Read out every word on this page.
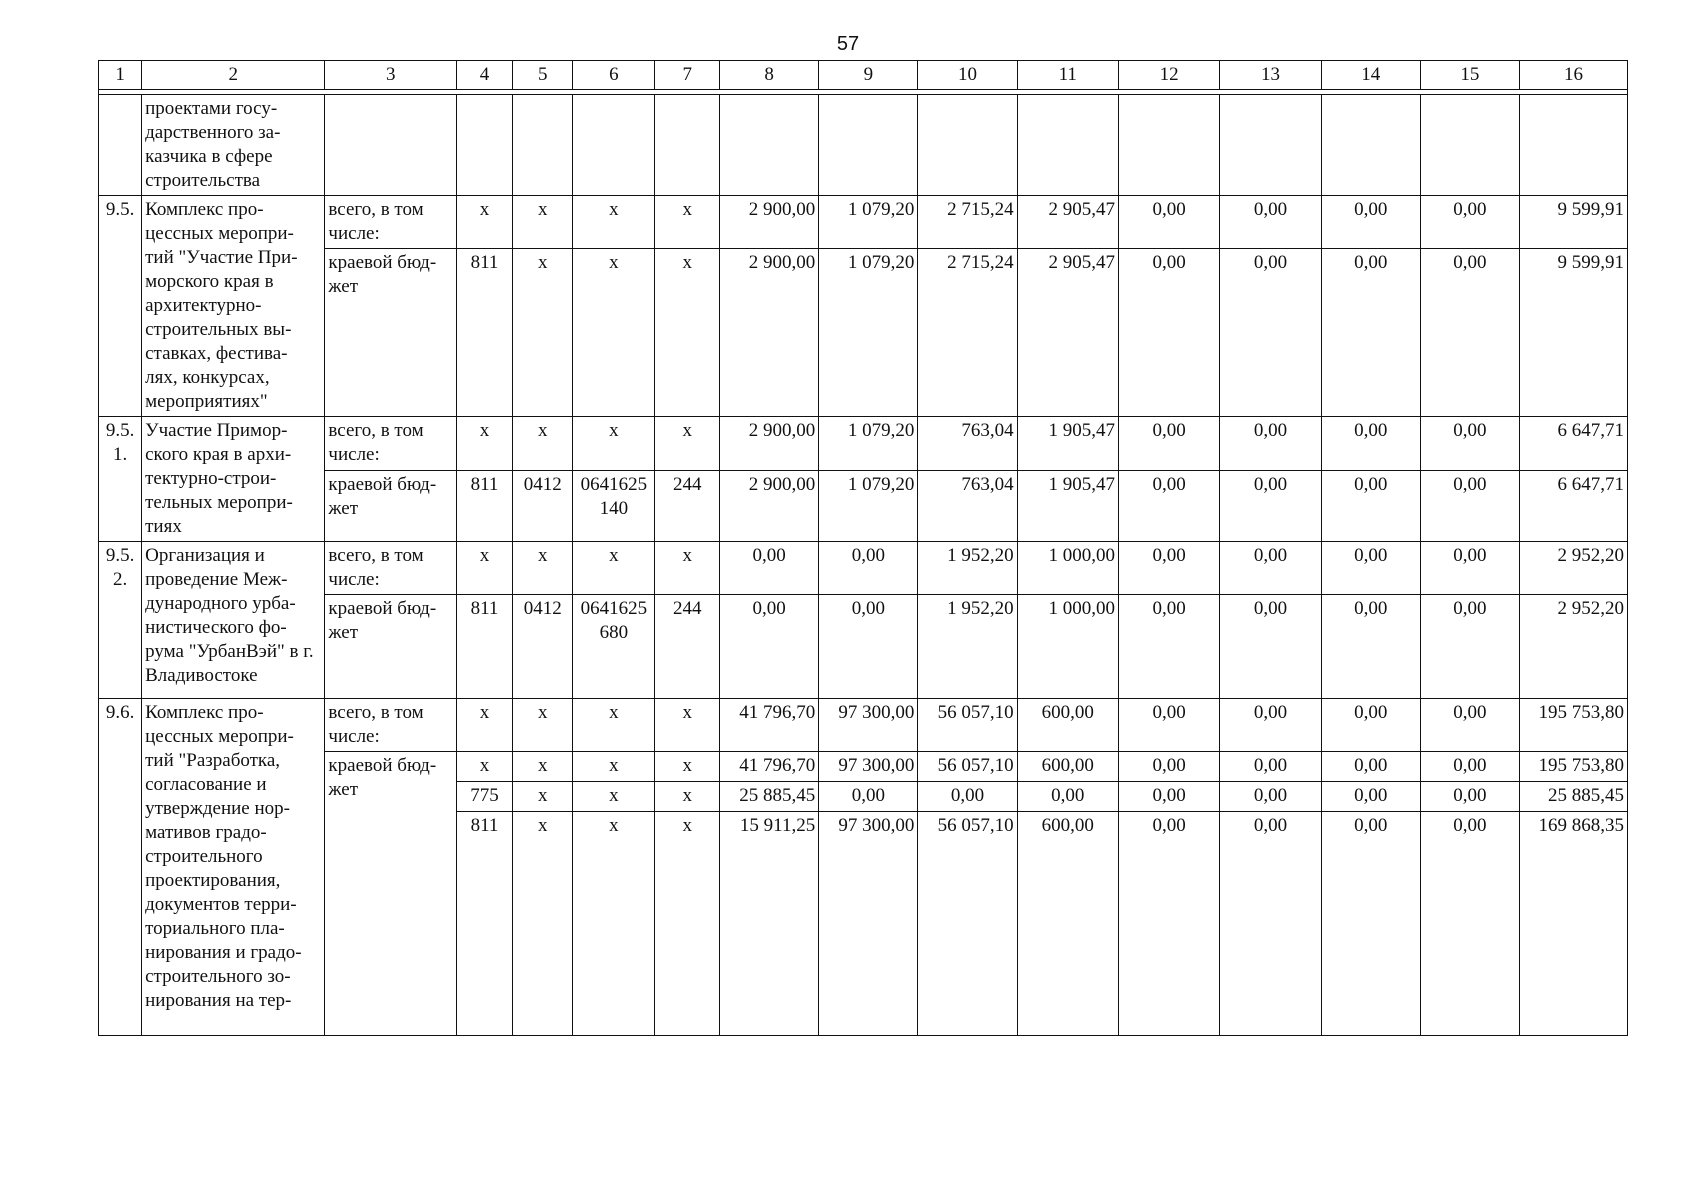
57
1	2	3	4	5	6	7	8	9	10	11	12	13	14	15	16

	проектами госу- дарственного за- казчика в сфере строительства														
9.5.	Комплекс про- цессных меропри- тий "Участие При- морского края в архитектурно- строительных вы- ставках, фестива- лях, конкурсах, мероприятиях"	всего, в том числе:	x	x	x	x	2 900,00	1 079,20	2 715,24	2 905,47	0,00	0,00	0,00	0,00	9 599,91
		краевой бюд- жет	811	x	x	x	2 900,00	1 079,20	2 715,24	2 905,47	0,00	0,00	0,00	0,00	9 599,91
9.5. 1.	Участие Примор- ского края в архи- тектурно-строи- тельных меропри- тиях	всего, в том числе:	x	x	x	x	2 900,00	1 079,20	763,04	1 905,47	0,00	0,00	0,00	0,00	6 647,71
		краевой бюд- жет	811	0412	0641625 140	244	2 900,00	1 079,20	763,04	1 905,47	0,00	0,00	0,00	0,00	6 647,71
9.5. 2.	Организация и проведение Меж- дународного урба- нистического фо- рума "УрбанВэй" в г. Владивостоке	всего, в том числе:	x	x	x	x	0,00	0,00	1 952,20	1 000,00	0,00	0,00	0,00	0,00	2 952,20
		краевой бюд- жет	811	0412	0641625 680	244	0,00	0,00	1 952,20	1 000,00	0,00	0,00	0,00	0,00	2 952,20
9.6.	Комплекс про- цессных меропри- тий "Разработка, согласование и утверждение нор- мативов градо- строительного проектирования, документов терри- ториального пла- нирования и градо- строительного зо- нирования на тер-	всего, в том числе:	x	x	x	x	41 796,70	97 300,00	56 057,10	600,00	0,00	0,00	0,00	0,00	195 753,80
		краевой бюд- жет	x	x	x	x	41 796,70	97 300,00	56 057,10	600,00	0,00	0,00	0,00	0,00	195 753,80
			775	x	x	x	25 885,45	0,00	0,00	0,00	0,00	0,00	0,00	0,00	25 885,45
			811	x	x	x	15 911,25	97 300,00	56 057,10	600,00	0,00	0,00	0,00	0,00	169 868,35
